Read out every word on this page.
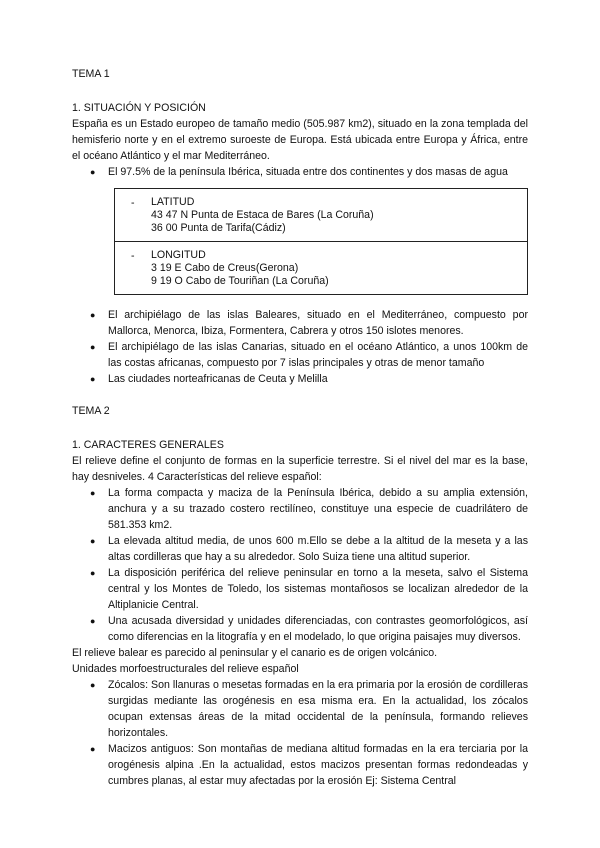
TEMA 1

1. SITUACIÓN Y POSICIÓN

España es un Estado europeo de tamaño medio (505.987 km2), situado en la zona templada del hemisferio norte y en el extremo suroeste de Europa. Está ubicada entre Europa y África, entre el océano Atlántico y el mar Mediterráneo.

● El 97.5% de la península Ibérica, situada entre dos continentes y dos masas de agua
- LATITUD
43 47 N Punta de Estaca de Bares (La Coruña)
36 00 Punta de Tarifa(Cádiz)
- LONGITUD
3 19 E Cabo de Creus(Gerona)
9 19 O Cabo de Touriñan (La Coruña)
● El archipiélago de las islas Baleares, situado en el Mediterráneo, compuesto por Mallorca, Menorca, Ibiza, Formentera, Cabrera y otros 150 islotes menores.
● El archipiélago de las islas Canarias, situado en el océano Atlántico, a unos 100km de las costas africanas, compuesto por 7 islas principales y otras de menor tamaño
● Las ciudades norteafricanas de Ceuta y Melilla

TEMA 2

1. CARACTERES GENERALES

El relieve define el conjunto de formas en la superficie terrestre. Si el nivel del mar es la base, hay desniveles. 4 Características del relieve español:

● La forma compacta y maciza de la Península Ibérica, debido a su amplia extensión, anchura y a su trazado costero rectilíneo, constituye una especie de cuadrilátero de 581.353 km2.
● La elevada altitud media, de unos 600 m.Ello se debe a la altitud de la meseta y a las altas cordilleras que hay a su alrededor. Solo Suiza tiene una altitud superior.
● La disposición periférica del relieve peninsular en torno a la meseta, salvo el Sistema central y los Montes de Toledo, los sistemas montañosos se localizan alrededor de la Altiplanicie Central.
● Una acusada diversidad y unidades diferenciadas, con contrastes geomorfológicos, así como diferencias en la litografía y en el modelado, lo que origina paisajes muy diversos.

El relieve balear es parecido al peninsular y el canario es de origen volcánico.

Unidades morfoestructurales del relieve español

● Zócalos: Son llanuras o mesetas formadas en la era primaria por la erosión de cordilleras surgidas mediante las orogénesis en esa misma era. En la actualidad, los zócalos ocupan extensas áreas de la mitad occidental de la península, formando relieves horizontales.
● Macizos antiguos: Son montañas de mediana altitud formadas en la era terciaria por la orogénesis alpina .En la actualidad, estos macizos presentan formas redondeadas y cumbres planas, al estar muy afectadas por la erosión Ej: Sistema Central
